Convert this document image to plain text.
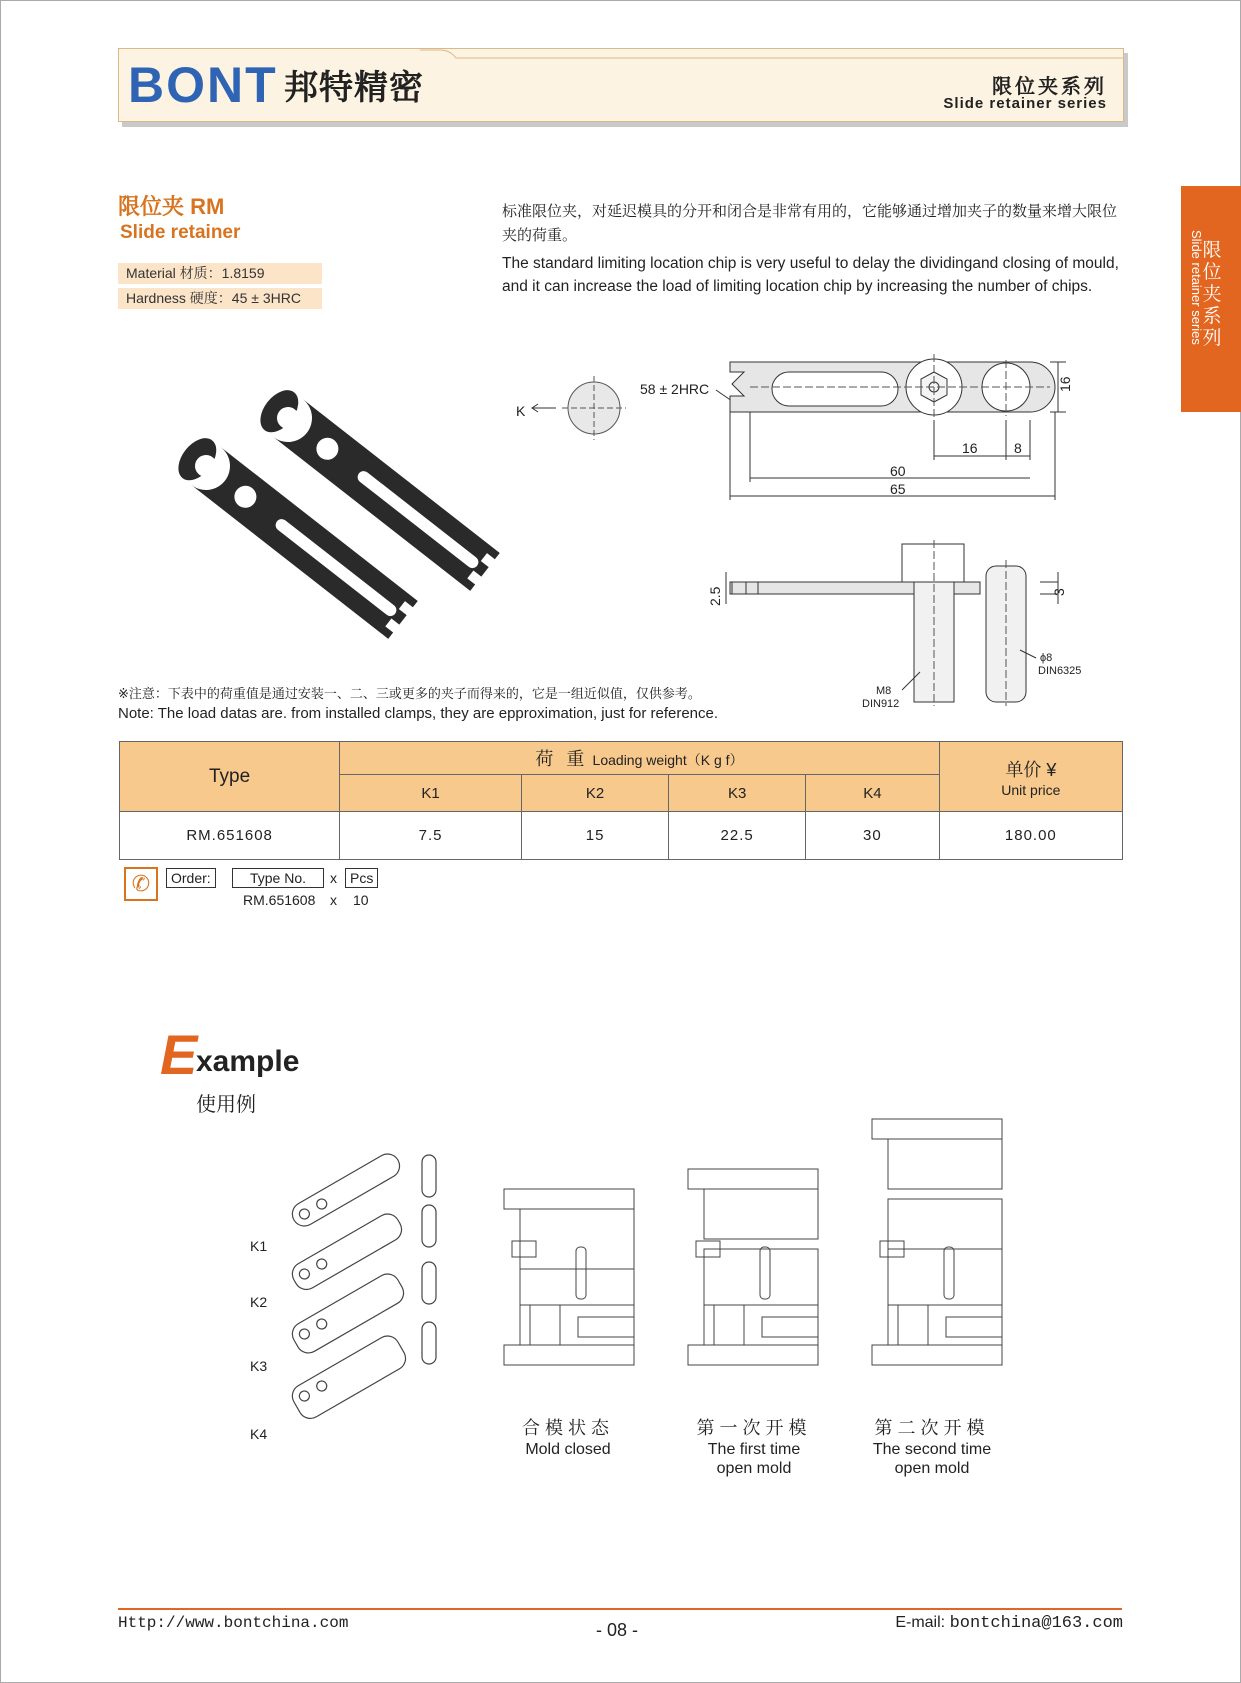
BONT 邦特精密	限位夹系列
Slide retainer series
限位夹系列
Slide retainer series
限位夹 RM
Slide retainer
Material 材质：1.8159
Hardness 硬度：45 ± 3HRC
标准限位夹，对延迟模具的分开和闭合是非常有用的，它能够通过增加夹子的数量来增大限位夹的荷重。
The standard limiting location chip is very useful to delay the dividingand closing of mould, and it can increase the load of limiting location chip by increasing the number of chips.
K
58 ± 2HRC	16
16	8
60
65
2.5	3
ϕ8
DIN6325
M8
DIN912
※注意：下表中的荷重值是通过安装一、二、三或更多的夹子而得来的，它是一组近似值，仅供参考。
Note: The load datas are. from installed clamps, they are epproximation, just for reference.
Type	荷 重 Loading weight（K g f）				单价 ¥
Unit price

	K1	K2	K3	K4	
RM.651608	7.5	15	22.5	30	180.00
✆	Order:	Type No.	x Pcs
RM.651608 x 10
E
xample
使用例
K1
K2
K3
K4	合模状态
Mold closed
第一次开模
The first time
open mold
第二次开模
The second time
open mold
Http://www.bontchina.com	- 08 -	E-mail: bontchina@163.com
